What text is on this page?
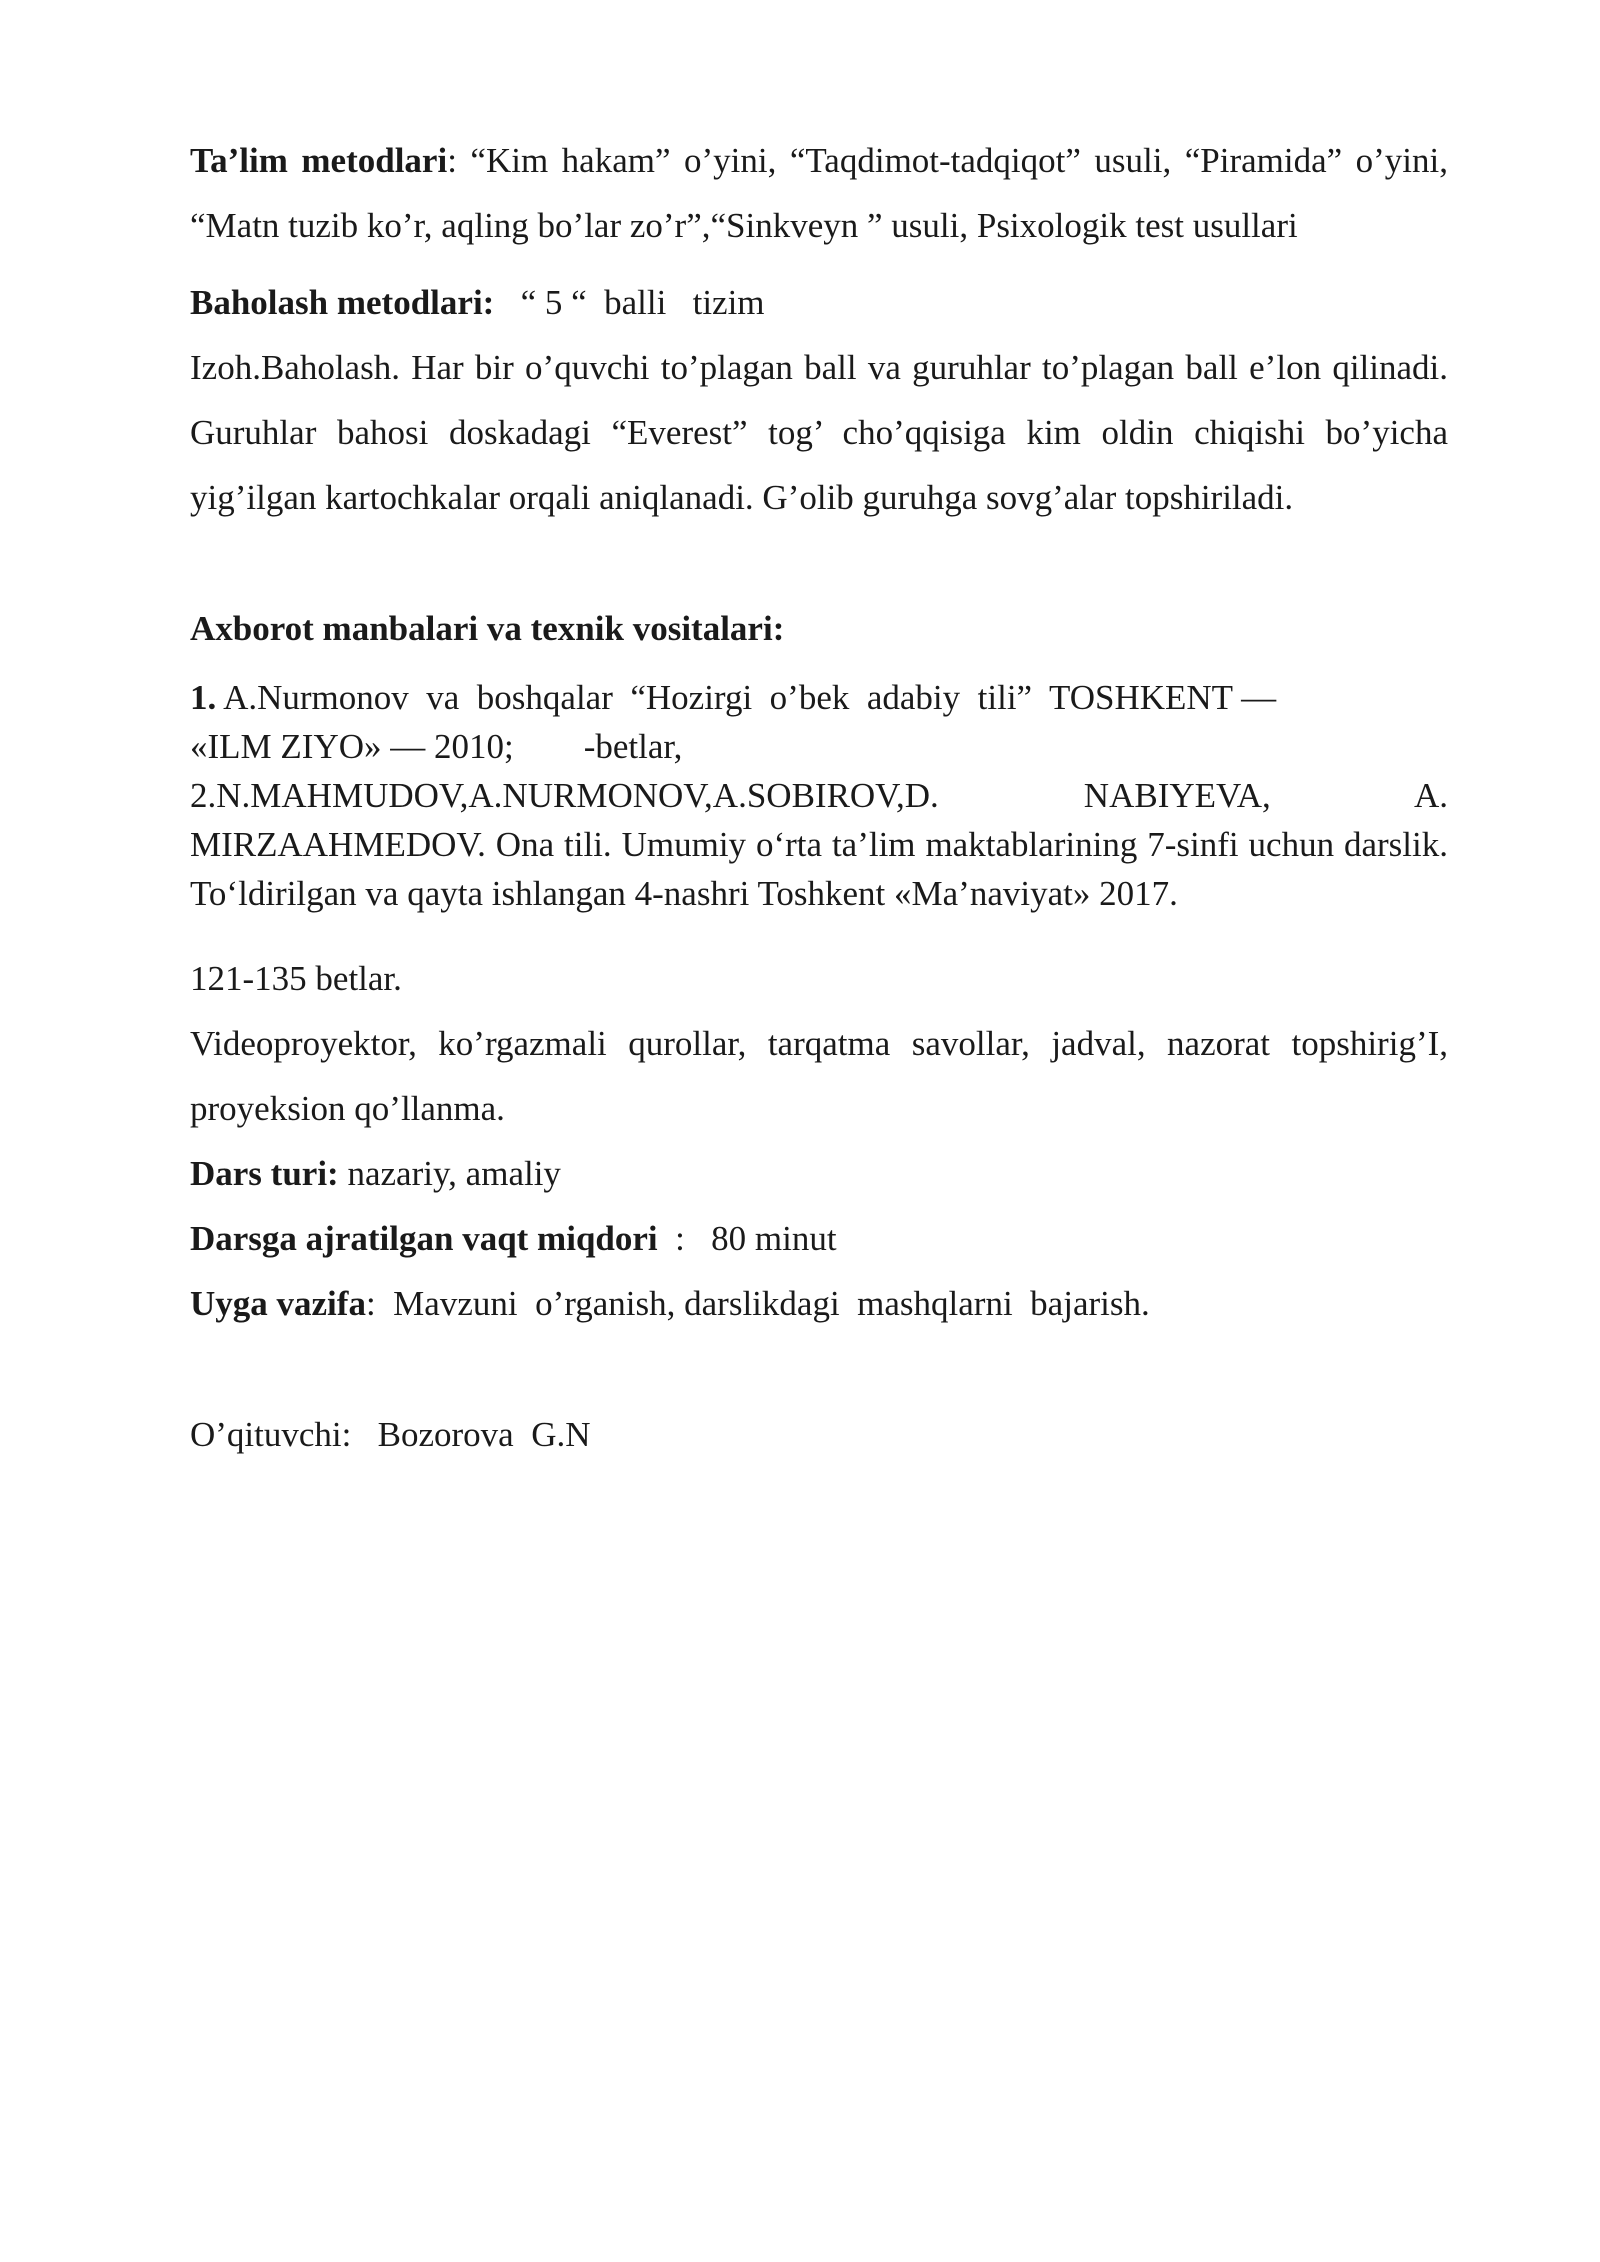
Ta’lim metodlari: “Kim hakam” o’yini, “Taqdimot-tadqiqot” usuli, “Piramida” o’yini, “Matn tuzib ko’r, aqling bo’lar zo’r”,“Sinkveyn ” usuli, Psixologik test usullari

Baholash metodlari: “ 5 “  balli   tizim

Izoh.Baholash. Har bir o’quvchi to’plagan ball va guruhlar to’plagan ball e’lon qilinadi. Guruhlar bahosi doskadagi “Everest” tog’ cho’qqisiga kim oldin chiqishi bo’yicha yig’ilgan kartochkalar orqali aniqlanadi. G’olib guruhga sovg’alar topshiriladi.

Axborot manbalari va texnik vositalari:

1. A.Nurmonov  va  boshqalar  “Hozirgi  o’bek  adabiy  tili”  TOSHKENT —

«ILM ZIYO» — 2010;        -betlar,

2.N.MAHMUDOV,A.NURMONOV,A.SOBIROV,D. NABIYEVA, A. MIRZAAHMEDOV. Ona tili. Umumiy o‘rta ta’lim maktablarining 7-sinfi uchun darslik. To‘ldirilgan va qayta ishlangan 4-nashri Toshkent «Ma’naviyat» 2017.

121-135 betlar.

Videoproyektor, ko’rgazmali qurollar, tarqatma savollar, jadval, nazorat topshirig’I, proyeksion qo’llanma.

Dars turi: nazariy, amaliy

Darsga ajratilgan vaqt miqdori  :   80 minut

Uyga vazifa:  Mavzuni  o’rganish, darslikdagi  mashqlarni  bajarish.

O’qituvchi:   Bozorova  G.N
